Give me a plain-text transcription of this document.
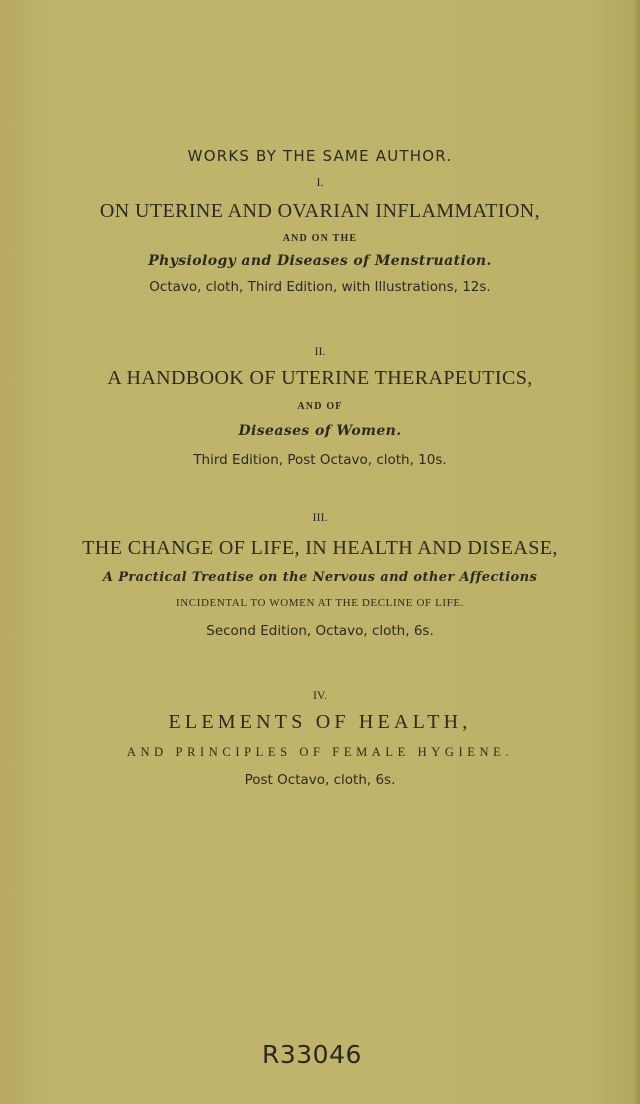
WORKS BY THE SAME AUTHOR.
I.
ON UTERINE AND OVARIAN INFLAMMATION,
AND ON THE
Physiology and Diseases of Menstruation.
Octavo, cloth, Third Edition, with Illustrations, 12s.
II.
A HANDBOOK OF UTERINE THERAPEUTICS,
AND OF
Diseases of Women.
Third Edition, Post Octavo, cloth, 10s.
III.
THE CHANGE OF LIFE, IN HEALTH AND DISEASE,
A Practical Treatise on the Nervous and other Affections
INCIDENTAL TO WOMEN AT THE DECLINE OF LIFE.
Second Edition, Octavo, cloth, 6s.
IV.
ELEMENTS OF HEALTH,
AND PRINCIPLES OF FEMALE HYGIENE.
Post Octavo, cloth, 6s.
R33046
